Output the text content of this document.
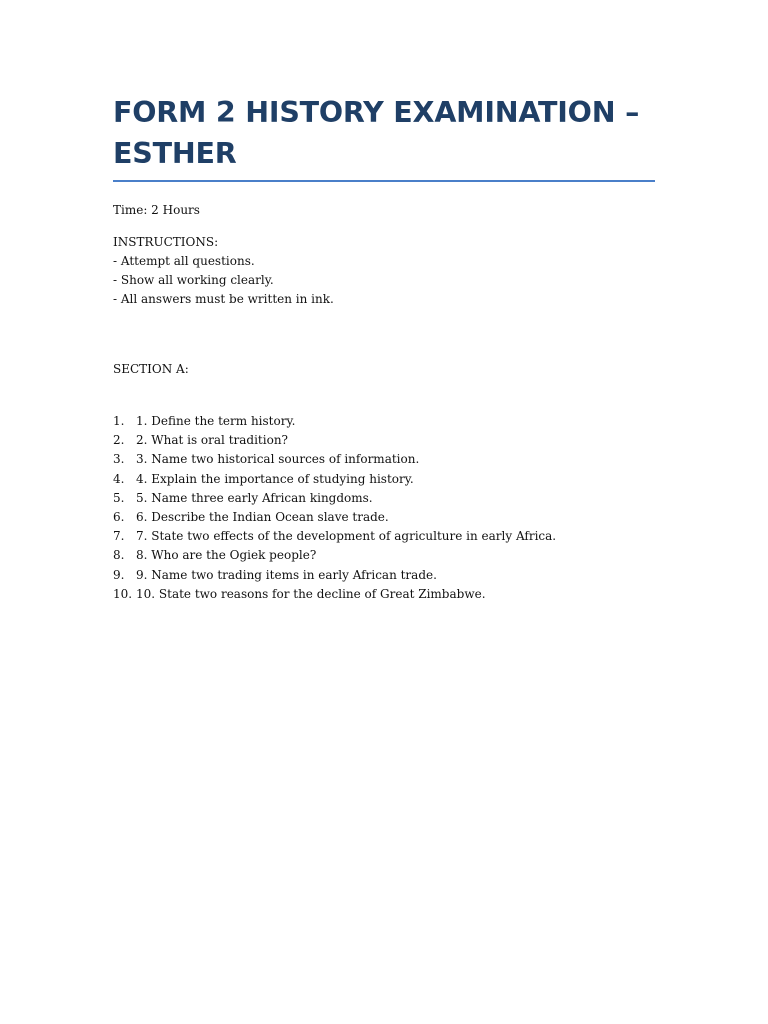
FORM 2 HISTORY EXAMINATION – ESTHER
Time: 2 Hours
INSTRUCTIONS:
- Attempt all questions.
- Show all working clearly.
- All answers must be written in ink.
SECTION A:
1. 1. Define the term history.
2. 2. What is oral tradition?
3. 3. Name two historical sources of information.
4. 4. Explain the importance of studying history.
5. 5. Name three early African kingdoms.
6. 6. Describe the Indian Ocean slave trade.
7. 7. State two effects of the development of agriculture in early Africa.
8. 8. Who are the Ogiek people?
9. 9. Name two trading items in early African trade.
10. 10. State two reasons for the decline of Great Zimbabwe.
